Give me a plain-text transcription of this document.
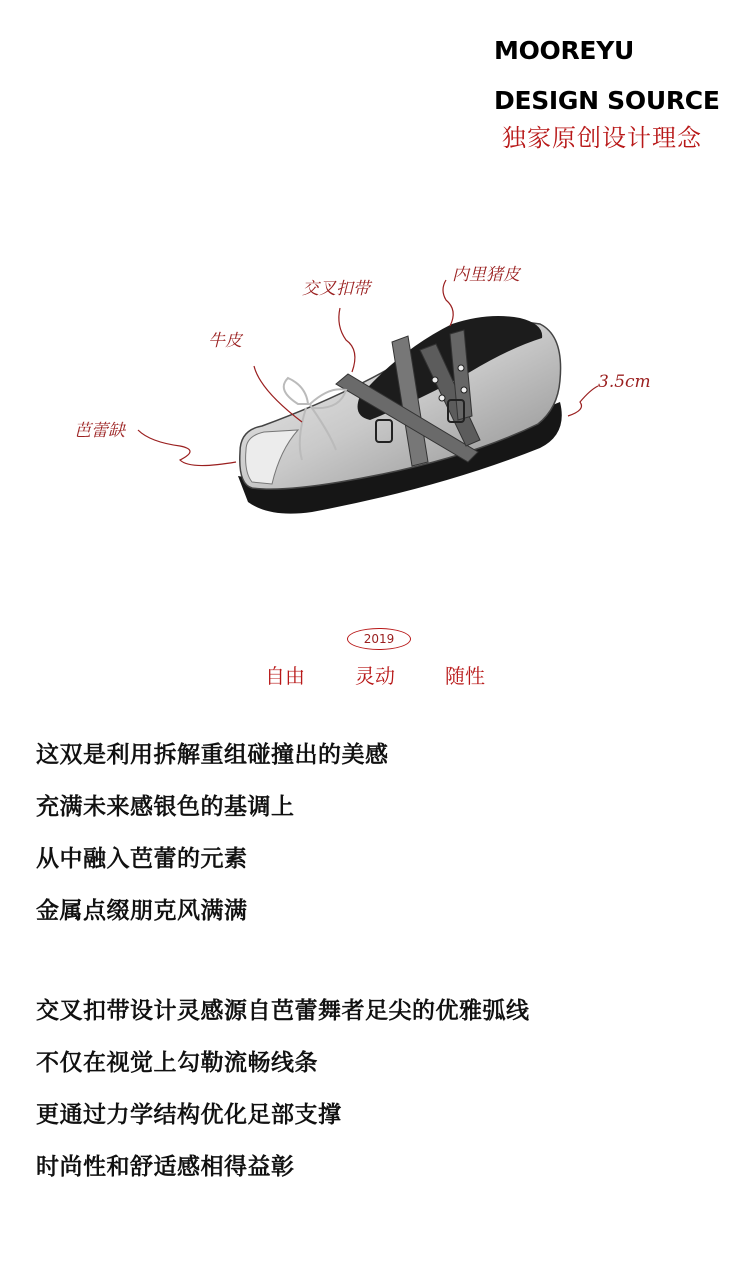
MOOREYU
DESIGN SOURCE
独家原创设计理念
芭蕾缺
牛皮
交叉扣带
内里猪皮
3.5cm
2019
自由	灵动	随性
这双是利用拆解重组碰撞出的美感
充满未来感银色的基调上
从中融入芭蕾的元素
金属点缀朋克风满满
交叉扣带设计灵感源自芭蕾舞者足尖的优雅弧线
不仅在视觉上勾勒流畅线条
更通过力学结构优化足部支撑
时尚性和舒适感相得益彰
